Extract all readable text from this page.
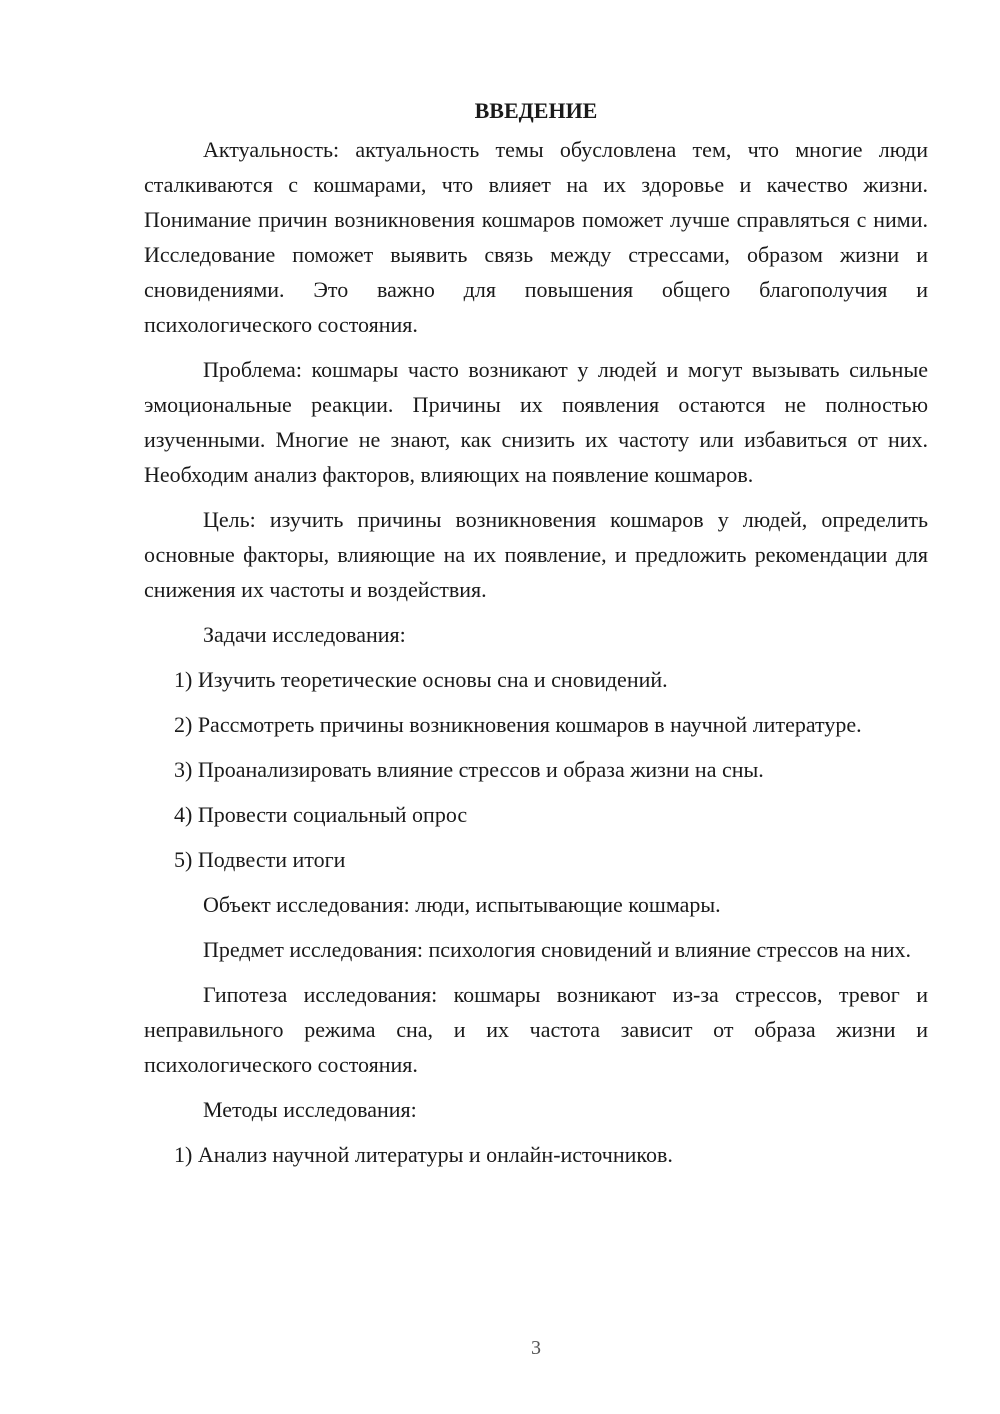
ВВЕДЕНИЕ

Актуальность: актуальность темы обусловлена тем, что многие люди сталкиваются с кошмарами, что влияет на их здоровье и качество жизни. Понимание причин возникновения кошмаров поможет лучше справляться с ними. Исследование поможет выявить связь между стрессами, образом жизни и сновидениями. Это важно для повышения общего благополучия и психологического состояния.

Проблема: кошмары часто возникают у людей и могут вызывать сильные эмоциональные реакции. Причины их появления остаются не полностью изученными. Многие не знают, как снизить их частоту или избавиться от них. Необходим анализ факторов, влияющих на появление кошмаров.

Цель: изучить причины возникновения кошмаров у людей, определить основные факторы, влияющие на их появление, и предложить рекомендации для снижения их частоты и воздействия.

Задачи исследования:

1) Изучить теоретические основы сна и сновидений.

2) Рассмотреть причины возникновения кошмаров в научной литературе.

3) Проанализировать влияние стрессов и образа жизни на сны.

4) Провести социальный опрос

5) Подвести итоги

Объект исследования: люди, испытывающие кошмары.

Предмет исследования: психология сновидений и влияние стрессов на них.

Гипотеза исследования: кошмары возникают из-за стрессов, тревог и неправильного режима сна, и их частота зависит от образа жизни и психологического состояния.

Методы исследования:

1) Анализ научной литературы и онлайн-источников.

3
